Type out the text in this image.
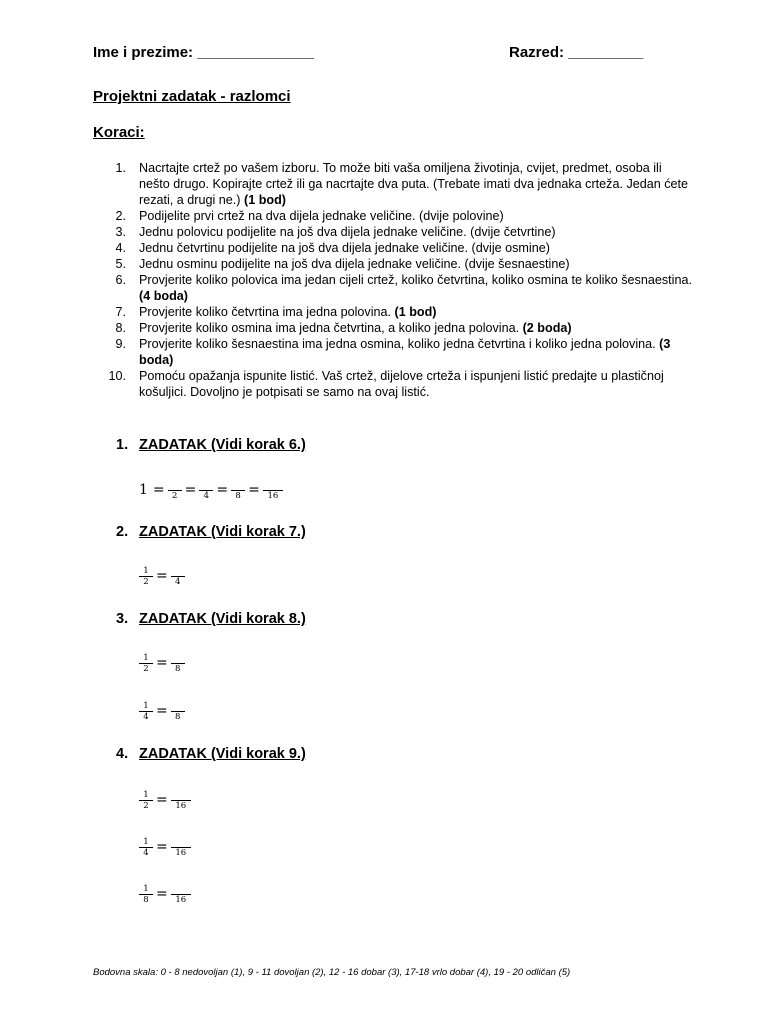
Ime i prezime: ______________	Razred: _________
Projektni zadatak - razlomci
Koraci:
1. Nacrtajte crtež po vašem izboru. To može biti vaša omiljena životinja, cvijet, predmet, osoba ili nešto drugo. Kopirajte crtež ili ga nacrtajte dva puta. (Trebate imati dva jednaka crteža. Jedan ćete rezati, a drugi ne.) (1 bod)
2. Podijelite prvi crtež na dva dijela jednake veličine. (dvije polovine)
3. Jednu polovicu podijelite na još dva dijela jednake veličine. (dvije četvrtine)
4. Jednu četvrtinu podijelite na još dva dijela jednake veličine. (dvije osmine)
5. Jednu osminu podijelite na još dva dijela jednake veličine. (dvije šesnaestine)
6. Provjerite koliko polovica ima jedan cijeli crtež, koliko četvrtina, koliko osmina te koliko šesnaestina. (4 boda)
7. Provjerite koliko četvrtina ima jedna polovina. (1 bod)
8. Provjerite koliko osmina ima jedna četvrtina, a koliko jedna polovina. (2 boda)
9. Provjerite koliko šesnaestina ima jedna osmina, koliko jedna četvrtina i koliko jedna polovina. (3 boda)
10. Pomoću opažanja ispunite listić. Vaš crtež, dijelove crteža i ispunjeni listić predajte u plastičnoj košuljici. Dovoljno je potpisati se samo na ovaj listić.
1. ZADATAK (Vidi korak 6.)
1 = 2 = 4 = 8 = 16
2. ZADATAK (Vidi korak 7.)
$\frac{1}{2} = 4$
3. ZADATAK (Vidi korak 8.)
$\frac{1}{2} = 8$
$\frac{1}{4} = 8$
4. ZADATAK (Vidi korak 9.)
$\frac{1}{2} = 16$
$\frac{1}{4} = 16$
$\frac{1}{8} = 16$
Bodovna skala: 0 - 8 nedovoljan (1), 9 - 11 dovoljan (2), 12 - 16 dobar (3), 17-18 vrlo dobar (4), 19 - 20 odličan (5)
